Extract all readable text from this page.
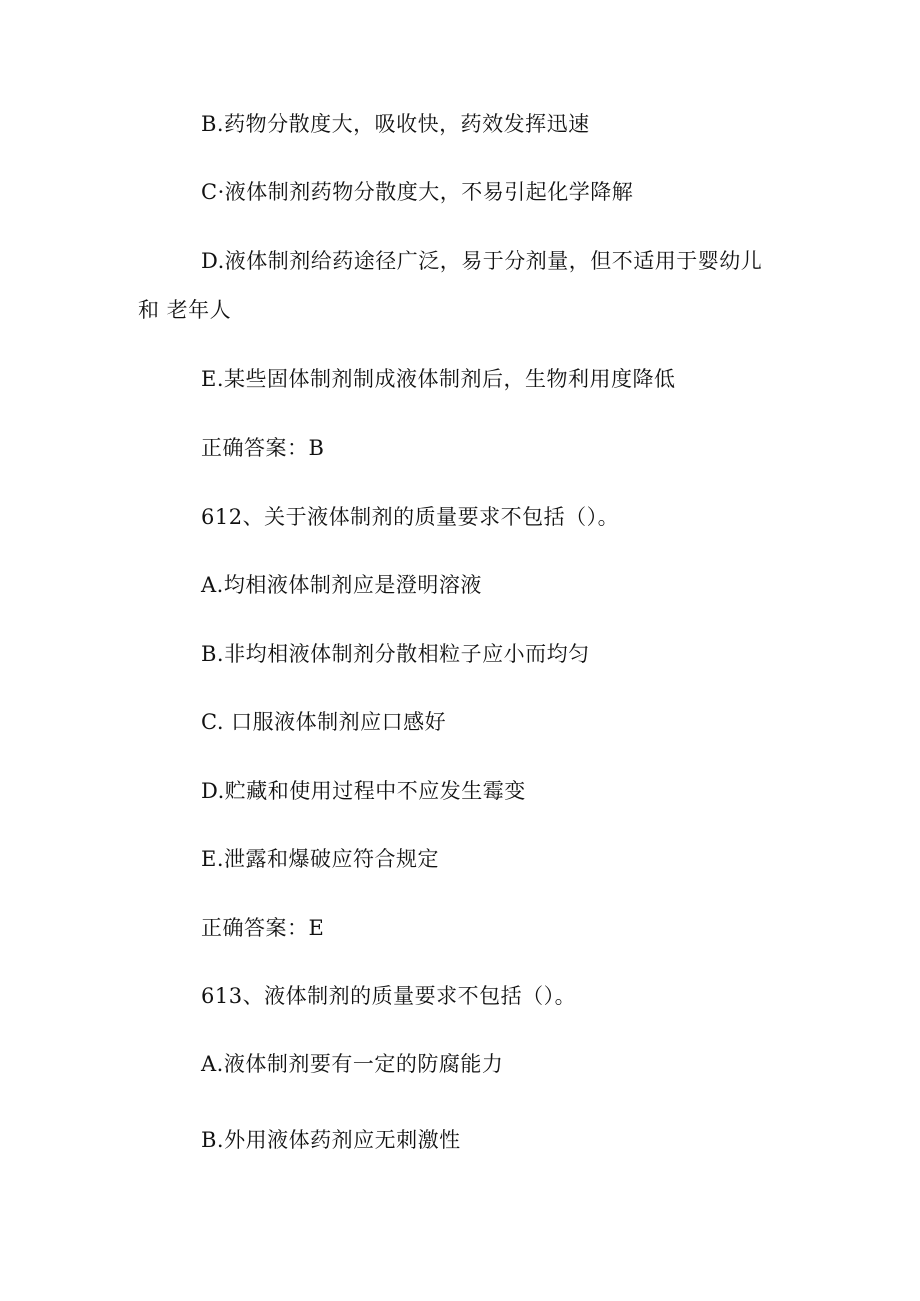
B.药物分散度大，吸收快，药效发挥迅速
C·液体制剂药物分散度大，不易引起化学降解
D.液体制剂给药途径广泛，易于分剂量，但不适用于婴幼儿
和 老年人
E.某些固体制剂制成液体制剂后，生物利用度降低
正确答案：B
612、关于液体制剂的质量要求不包括（）。
A.均相液体制剂应是澄明溶液
B.非均相液体制剂分散相粒子应小而均匀
C. 口服液体制剂应口感好
D.贮藏和使用过程中不应发生霉变
E.泄露和爆破应符合规定
正确答案：E
613、液体制剂的质量要求不包括（）。
A.液体制剂要有一定的防腐能力
B.外用液体药剂应无刺激性
